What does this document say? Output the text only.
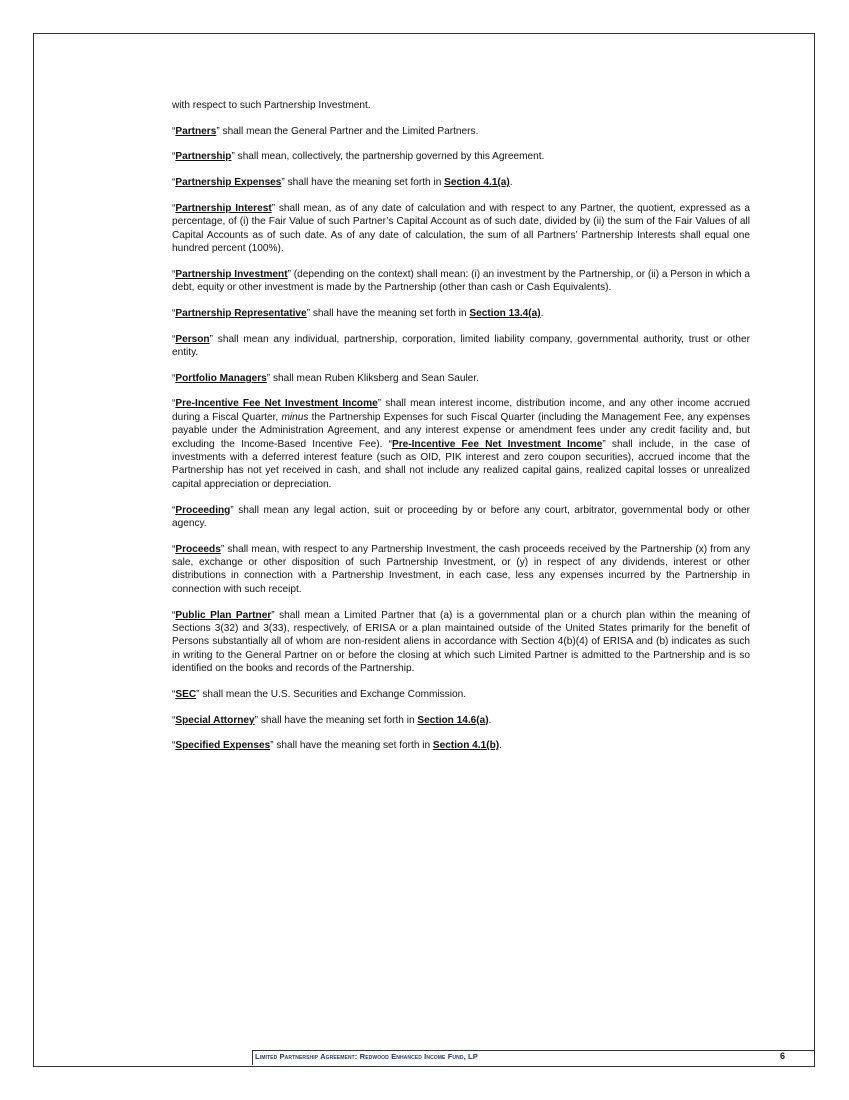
with respect to such Partnership Investment.

“Partners” shall mean the General Partner and the Limited Partners.

“Partnership” shall mean, collectively, the partnership governed by this Agreement.

“Partnership Expenses” shall have the meaning set forth in Section 4.1(a).

“Partnership Interest” shall mean, as of any date of calculation and with respect to any Partner, the quotient, expressed as a percentage, of (i) the Fair Value of such Partner’s Capital Account as of such date, divided by (ii) the sum of the Fair Values of all Capital Accounts as of such date. As of any date of calculation, the sum of all Partners’ Partnership Interests shall equal one hundred percent (100%).

“Partnership Investment” (depending on the context) shall mean: (i) an investment by the Partnership, or (ii) a Person in which a debt, equity or other investment is made by the Partnership (other than cash or Cash Equivalents).

“Partnership Representative” shall have the meaning set forth in Section 13.4(a).

“Person” shall mean any individual, partnership, corporation, limited liability company, governmental authority, trust or other entity.

“Portfolio Managers” shall mean Ruben Kliksberg and Sean Sauler.

“Pre-Incentive Fee Net Investment Income” shall mean interest income, distribution income, and any other income accrued during a Fiscal Quarter, minus the Partnership Expenses for such Fiscal Quarter (including the Management Fee, any expenses payable under the Administration Agreement, and any interest expense or amendment fees under any credit facility and, but excluding the Income-Based Incentive Fee). “Pre-Incentive Fee Net Investment Income” shall include, in the case of investments with a deferred interest feature (such as OID, PIK interest and zero coupon securities), accrued income that the Partnership has not yet received in cash, and shall not include any realized capital gains, realized capital losses or unrealized capital appreciation or depreciation.

“Proceeding” shall mean any legal action, suit or proceeding by or before any court, arbitrator, governmental body or other agency.

“Proceeds” shall mean, with respect to any Partnership Investment, the cash proceeds received by the Partnership (x) from any sale, exchange or other disposition of such Partnership Investment, or (y) in respect of any dividends, interest or other distributions in connection with a Partnership Investment, in each case, less any expenses incurred by the Partnership in connection with such receipt.

“Public Plan Partner” shall mean a Limited Partner that (a) is a governmental plan or a church plan within the meaning of Sections 3(32) and 3(33), respectively, of ERISA or a plan maintained outside of the United States primarily for the benefit of Persons substantially all of whom are non-resident aliens in accordance with Section 4(b)(4) of ERISA and (b) indicates as such in writing to the General Partner on or before the closing at which such Limited Partner is admitted to the Partnership and is so identified on the books and records of the Partnership.

“SEC” shall mean the U.S. Securities and Exchange Commission.

“Special Attorney” shall have the meaning set forth in Section 14.6(a).

“Specified Expenses” shall have the meaning set forth in Section 4.1(b).

Limited Partnership Agreement: Redwood Enhanced Income Fund, LP	6
